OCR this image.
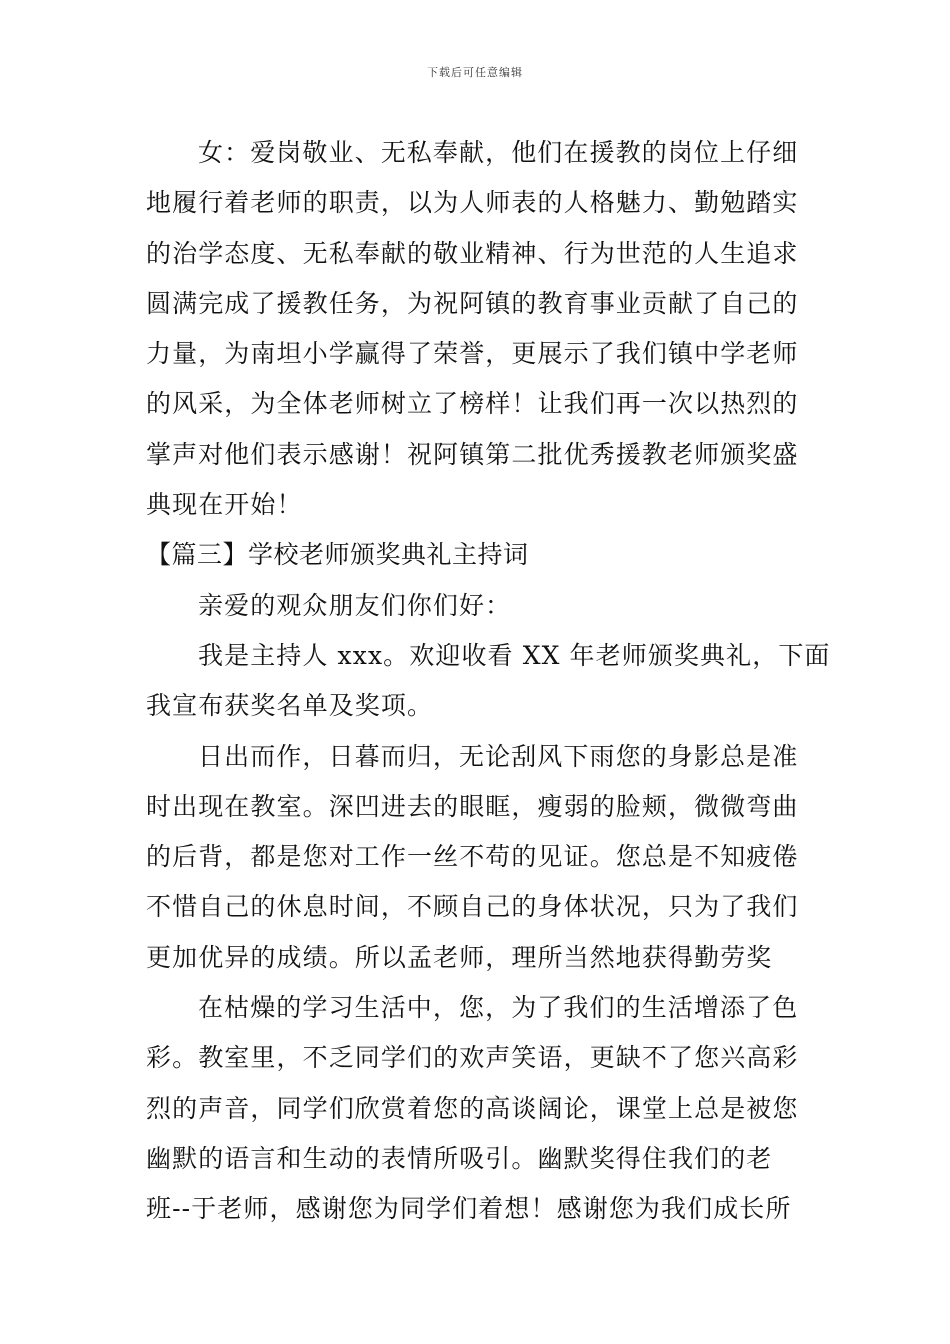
下载后可任意编辑
女：爱岗敬业、无私奉献，他们在援教的岗位上仔细
地履行着老师的职责，以为人师表的人格魅力、勤勉踏实
的治学态度、无私奉献的敬业精神、行为世范的人生追求
圆满完成了援教任务，为祝阿镇的教育事业贡献了自己的
力量，为南坦小学赢得了荣誉，更展示了我们镇中学老师
的风采，为全体老师树立了榜样！让我们再一次以热烈的
掌声对他们表示感谢！祝阿镇第二批优秀援教老师颁奖盛
典现在开始！
【篇三】学校老师颁奖典礼主持词
亲爱的观众朋友们你们好：
我是主持人 xxx。欢迎收看 XX 年老师颁奖典礼，下面
我宣布获奖名单及奖项。
日出而作，日暮而归，无论刮风下雨您的身影总是准
时出现在教室。深凹进去的眼眶，瘦弱的脸颊，微微弯曲
的后背，都是您对工作一丝不苟的见证。您总是不知疲倦
不惜自己的休息时间，不顾自己的身体状况，只为了我们
更加优异的成绩。所以孟老师，理所当然地获得勤劳奖
在枯燥的学习生活中，您，为了我们的生活增添了色
彩。教室里，不乏同学们的欢声笑语，更缺不了您兴高彩
烈的声音，同学们欣赏着您的高谈阔论，课堂上总是被您
幽默的语言和生动的表情所吸引。幽默奖得住我们的老
班--于老师，感谢您为同学们着想！感谢您为我们成长所
